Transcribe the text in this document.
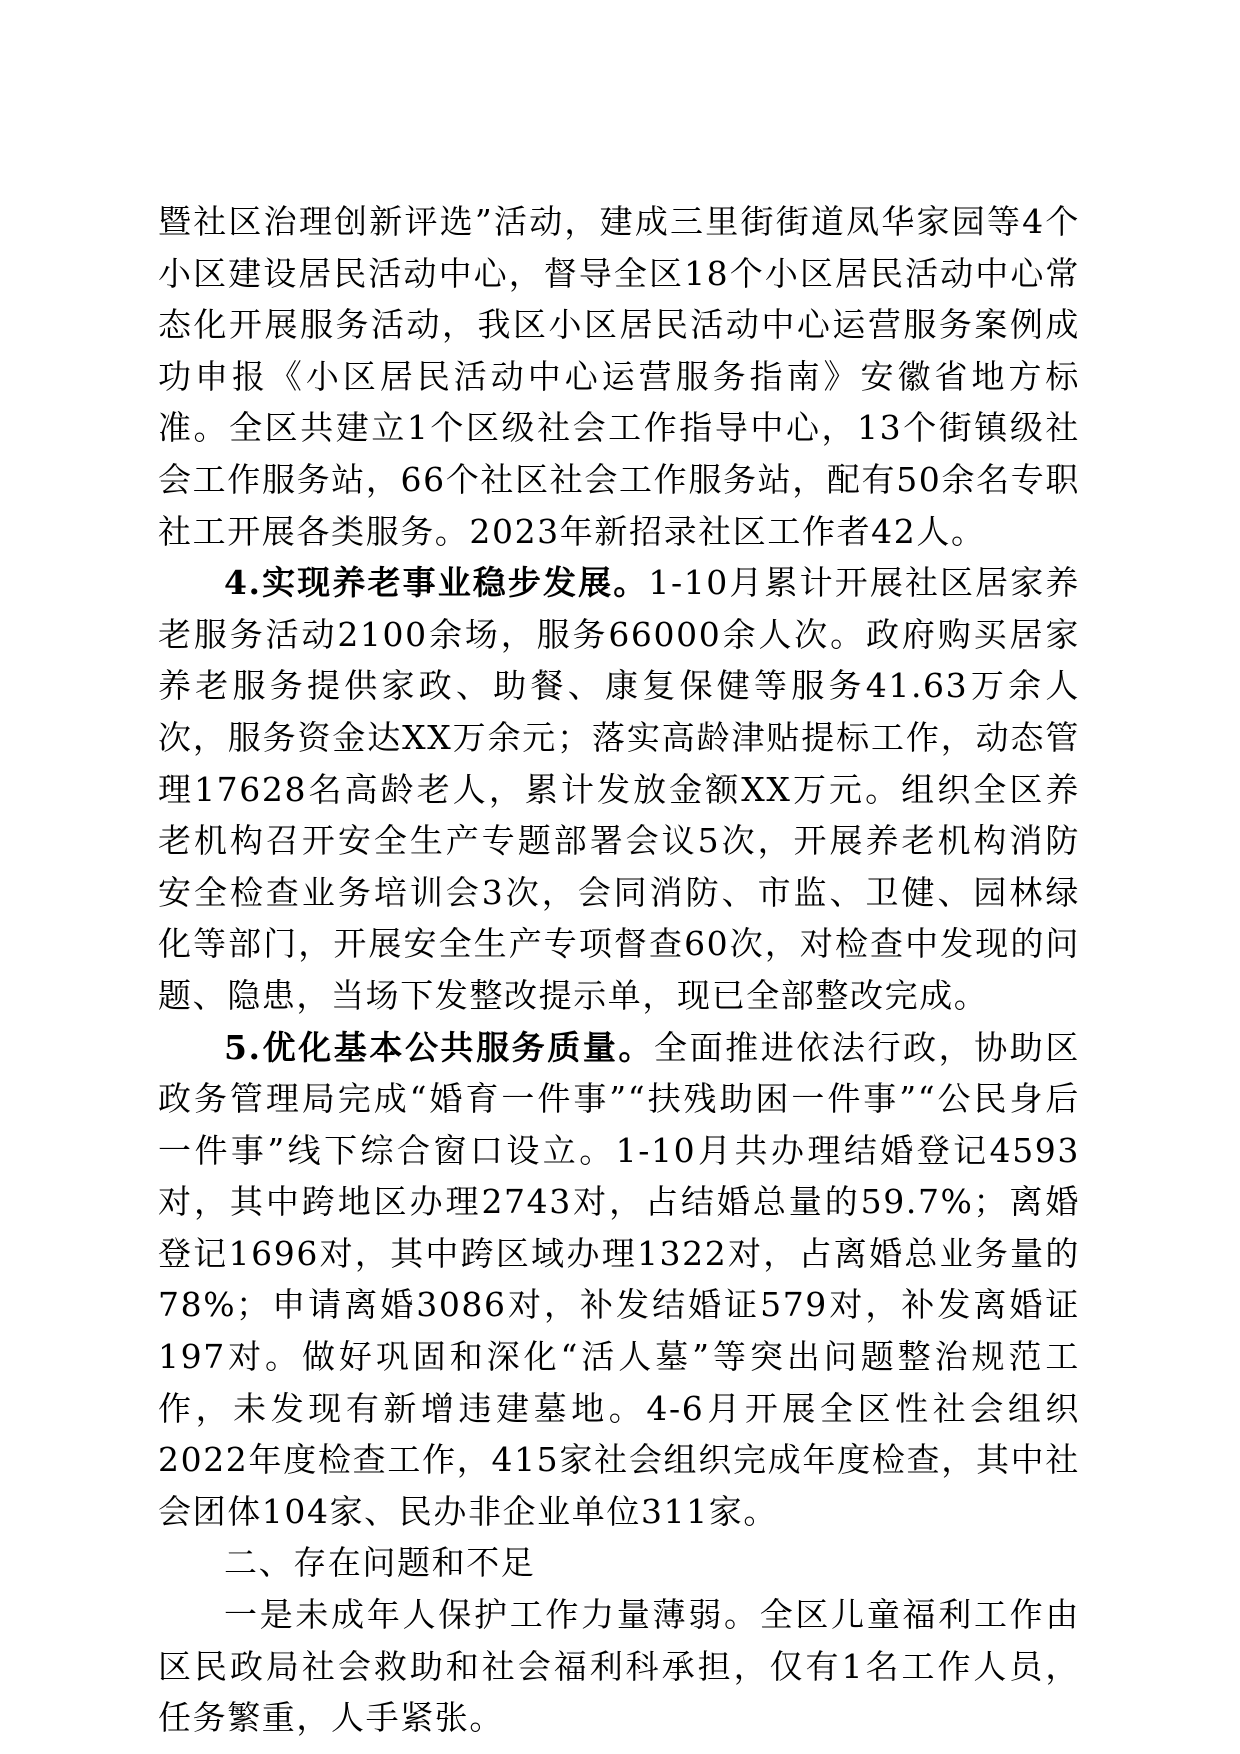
暨社区治理创新评选”活动，建成三里街街道凤华家园等4个小区建设居民活动中心，督导全区18个小区居民活动中心常态化开展服务活动，我区小区居民活动中心运营服务案例成功申报《小区居民活动中心运营服务指南》安徽省地方标准。全区共建立1个区级社会工作指导中心，13个街镇级社会工作服务站，66个社区社会工作服务站，配有50余名专职社工开展各类服务。2023年新招录社区工作者42人。

4.实现养老事业稳步发展。1-10月累计开展社区居家养老服务活动2100余场，服务66000余人次。政府购买居家养老服务提供家政、助餐、康复保健等服务41.63万余人次，服务资金达XX万余元；落实高龄津贴提标工作，动态管理17628名高龄老人，累计发放金额XX万元。组织全区养老机构召开安全生产专题部署会议5次，开展养老机构消防安全检查业务培训会3次，会同消防、市监、卫健、园林绿化等部门，开展安全生产专项督查60次，对检查中发现的问题、隐患，当场下发整改提示单，现已全部整改完成。

5.优化基本公共服务质量。全面推进依法行政，协助区政务管理局完成“婚育一件事”“扶残助困一件事”“公民身后一件事”线下综合窗口设立。1-10月共办理结婚登记4593对，其中跨地区办理2743对，占结婚总量的59.7%；离婚登记1696对，其中跨区域办理1322对，占离婚总业务量的78%；申请离婚3086对，补发结婚证579对，补发离婚证197对。做好巩固和深化“活人墓”等突出问题整治规范工作，未发现有新增违建墓地。4-6月开展全区性社会组织2022年度检查工作，415家社会组织完成年度检查，其中社会团体104家、民办非企业单位311家。

二、存在问题和不足

一是未成年人保护工作力量薄弱。全区儿童福利工作由区民政局社会救助和社会福利科承担，仅有1名工作人员，任务繁重，人手紧张。
